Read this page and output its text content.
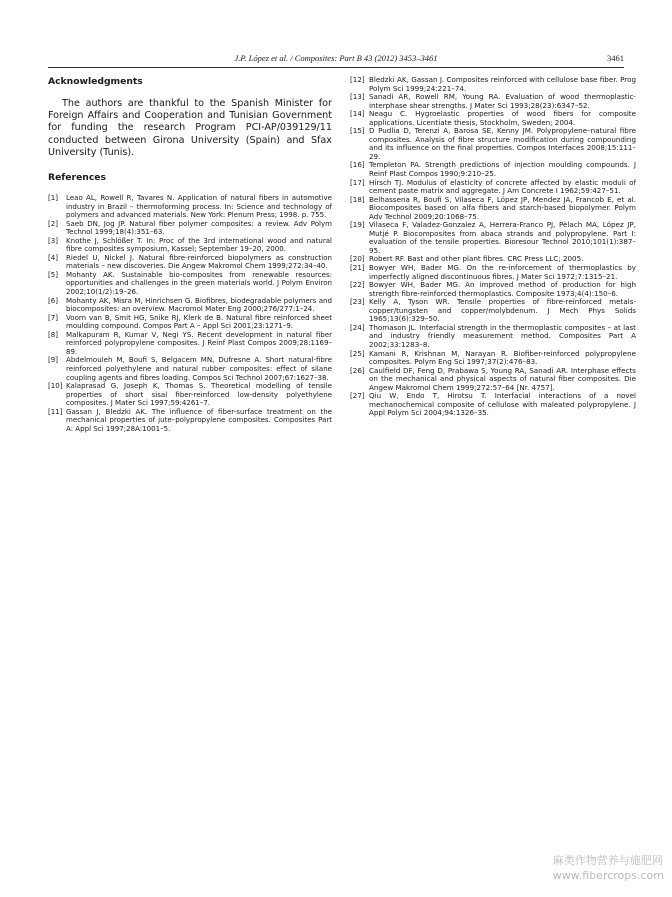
J.P. López et al. / Composites: Part B 43 (2012) 3453–3461	3461
Acknowledgments

The authors are thankful to the Spanish Minister for Foreign Affairs and Cooperation and Tunisian Government for funding the research Program PCI-AP/039129/11 conducted between Girona University (Spain) and Sfax University (Tunis).

References
[1] Leao AL, Rowell R, Tavares N. Application of natural fibers in automotive industry in Brazil – thermoforming process. In: Science and technology of polymers and advanced materials. New York: Plenum Press; 1998. p. 755.
[2] Saeb DN, Jog JP. Natural fiber polymer composites: a review. Adv Polym Technol 1999;18(4):351–63.
[3] Knothe J, Schlößer T. In: Proc of the 3rd international wood and natural fibre composites symposium, Kassel; September 19–20, 2000.
[4] Riedel U, Nickel J. Natural fibre-reinforced biopolymers as construction materials – new discoveries. Die Angew Makromol Chem 1999;272:34–40.
[5] Mohanty AK. Sustainable bio-composites from renewable resources: opportunities and challenges in the green materials world. J Polym Environ 2002;10(1/2):19–26.
[6] Mohanty AK, Misra M, Hinrichsen G. Biofibres, biodegradable polymers and biocomposites: an overview. Macromol Mater Eng 2000;276/277:1–24.
[7] Voorn van B, Smit HG, Snike RJ, Klerk de B. Natural fibre reinforced sheet moulding compound. Compos Part A – Appl Sci 2001;23:1271–9.
[8] Malkapuram R, Kumar V, Negi YS. Recent development in natural fiber reinforced polypropylene composites. J Reinf Plast Compos 2009;28:1169–89.
[9] Abdelmouleh M, Boufi S, Belgacem MN, Dufresne A. Short natural-fibre reinforced polyethylene and natural rubber composites: effect of silane coupling agents and fibres loading. Compos Sci Technol 2007;67:1627–38.
[10] Kalaprasad G, Joseph K, Thomas S. Theoretical modelling of tensile properties of short sisal fiber-reinforced low-density polyethylene composites. J Mater Sci 1997;59:4261–7.
[11] Gassan J, Bledzki AK. The influence of fiber-surface treatment on the mechanical properties of jute–polypropylene composites. Composites Part A: Appl Sci 1997;28A:1001–5.
[12] Bledzki AK, Gassan J. Composites reinforced with cellulose base fiber. Prog Polym Sci 1999;24:221–74.
[13] Sanadi AR, Rowell RM, Young RA. Evaluation of wood thermoplastic-interphase shear strengths. J Mater Sci 1993;28(23):6347–52.
[14] Neagu C. Hygroelastic properties of wood fibers for composite applications. Licentiate thesis, Stockholm, Sweden; 2004.
[15] D Pudlia D, Terenzi A, Barosa SE, Kenny JM. Polypropylene–natural fibre composites. Analysis of fibre structure modification during compounding and its influence on the final properties. Compos Interfaces 2008;15:111–29.
[16] Templeton PA. Strength predictions of injection moulding compounds. J Reinf Plast Compos 1990;9:210–25.
[17] Hirsch TJ. Modulus of elasticity of concrete affected by elastic moduli of cement paste matrix and aggregate. J Am Concrete I 1962;59:427–51.
[18] Belhassena R, Boufi S, Vilaseca F, López JP, Mendez JA, Francob E, et al. Biocomposites based on alfa fibers and starch-based biopolymer. Polym Adv Technol 2009;20:1068–75.
[19] Vilaseca F, Valadez-Gonzalez A, Herrera-Franco PJ, Pèlach MA, López JP, Mutjé P. Biocomposites from abaca strands and polypropylene. Part I: evaluation of the tensile properties. Bioresour Technol 2010;101(1):387–95.
[20] Robert RF. Bast and other plant fibres. CRC Press LLC; 2005.
[21] Bowyer WH, Bader MG. On the re-inforcement of thermoplastics by imperfectly aligned discontinuous fibres. J Mater Sci 1972;7:1315–21.
[22] Bowyer WH, Bader MG. An improved method of production for high strength fibre-reinforced thermoplastics. Composite 1973;4(4):150–6.
[23] Kelly A, Tyson WR. Tensile properties of fibre-reinforced metals-copper/tungsten and copper/molybdenum. J Mech Phys Solids 1965;13(6):329–50.
[24] Thomason JL. Interfacial strength in the thermoplastic composites – at last and industry friendly measurement method. Composites Part A 2002;33:1283–8.
[25] Kamani R, Krishnan M, Narayan R. Biofiber-reinforced polypropylene composites. Polym Eng Sci 1997;37(2):476–83.
[26] Caulfield DF, Feng D, Prabawa S, Young RA, Sanadi AR. Interphase effects on the mechanical and physical aspects of natural fiber composites. Die Angew Makromol Chem 1999;272:57–64 [Nr. 4757].
[27] Qiu W, Endo T, Hirotsu T. Interfacial interactions of a novel mechanochemical composite of cellulose with maleated polypropylene. J Appl Polym Sci 2004;94:1326–35.
麻类作物营养与施肥网
www.fibercrops.com
